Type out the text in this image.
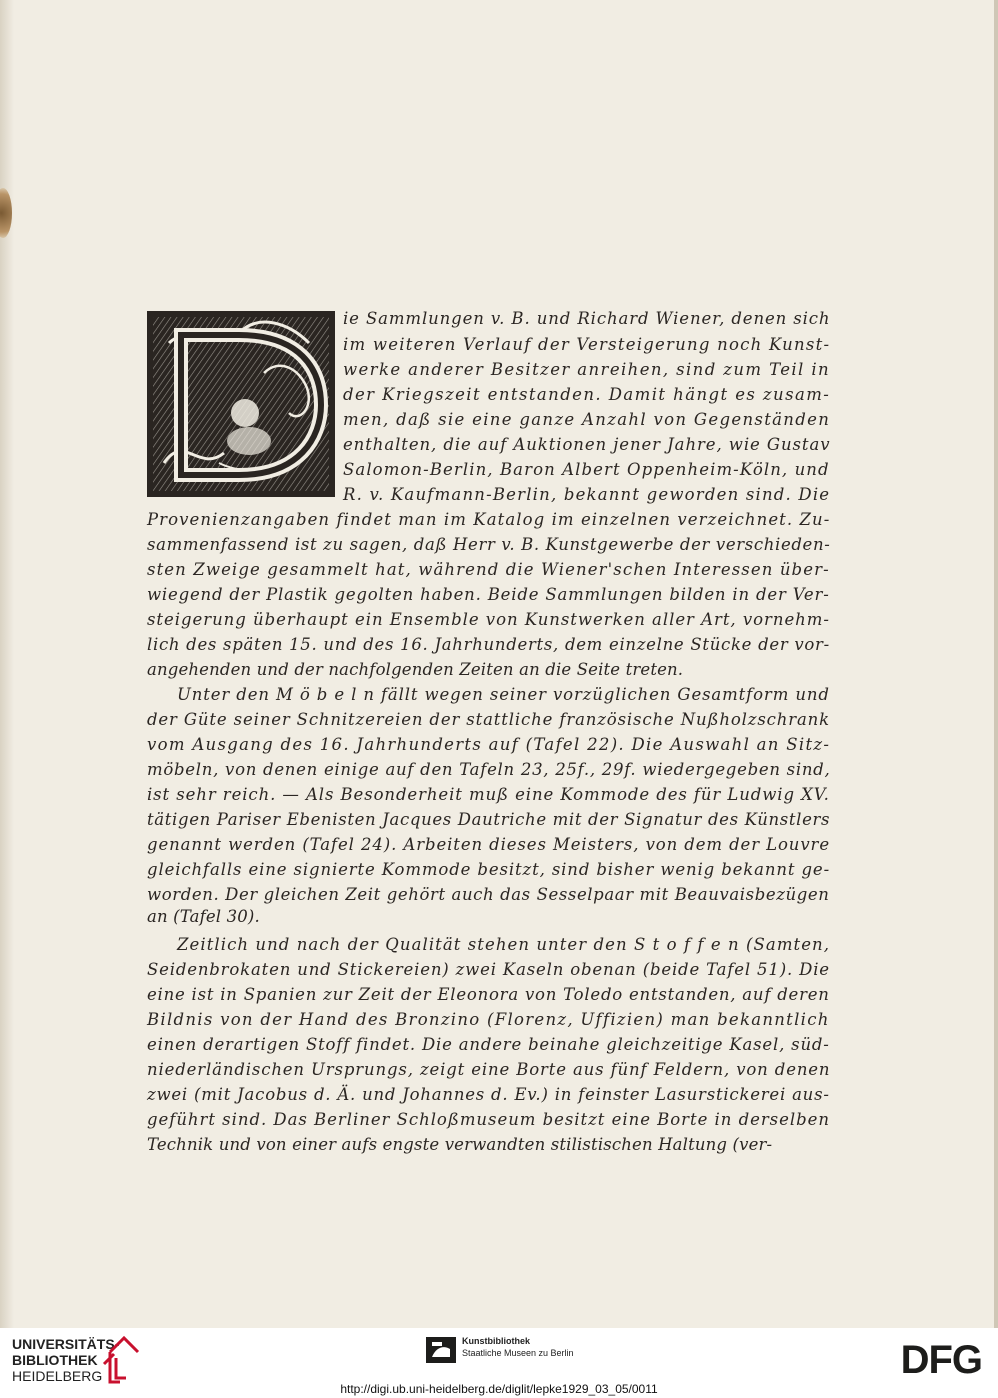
ie Sammlungen v. B. und Richard Wiener, denen sich

im weiteren Verlauf der Versteigerung noch Kunst-

werke anderer Besitzer anreihen, sind zum Teil in

der Kriegszeit entstanden. Damit hängt es zusam-

men, daß sie eine ganze Anzahl von Gegenständen

enthalten, die auf Auktionen jener Jahre, wie Gustav

Salomon-Berlin, Baron Albert Oppenheim-Köln, und

R. v. Kaufmann-Berlin, bekannt geworden sind. Die

Provenienzangaben findet man im Katalog im einzelnen verzeichnet. Zu-

sammenfassend ist zu sagen, daß Herr v. B. Kunstgewerbe der verschieden-

sten Zweige gesammelt hat, während die Wiener'schen Interessen über-

wiegend der Plastik gegolten haben. Beide Sammlungen bilden in der Ver-

steigerung überhaupt ein Ensemble von Kunstwerken aller Art, vornehm-

lich des späten 15. und des 16. Jahrhunderts, dem einzelne Stücke der vor-

angehenden und der nachfolgenden Zeiten an die Seite treten.

Unter den M ö b e l n fällt wegen seiner vorzüglichen Gesamtform und

der Güte seiner Schnitzereien der stattliche französische Nußholzschrank

vom Ausgang des 16. Jahrhunderts auf (Tafel 22). Die Auswahl an Sitz-

möbeln, von denen einige auf den Tafeln 23, 25f., 29f. wiedergegeben sind,

ist sehr reich. — Als Besonderheit muß eine Kommode des für Ludwig XV.

tätigen Pariser Ebenisten Jacques Dautriche mit der Signatur des Künstlers

genannt werden (Tafel 24). Arbeiten dieses Meisters, von dem der Louvre

gleichfalls eine signierte Kommode besitzt, sind bisher wenig bekannt ge-

worden. Der gleichen Zeit gehört auch das Sesselpaar mit Beauvaisbezügen

an (Tafel 30).

Zeitlich und nach der Qualität stehen unter den S t o f f e n (Samten,

Seidenbrokaten und Stickereien) zwei Kaseln obenan (beide Tafel 51). Die

eine ist in Spanien zur Zeit der Eleonora von Toledo entstanden, auf deren

Bildnis von der Hand des Bronzino (Florenz, Uffizien) man bekanntlich

einen derartigen Stoff findet. Die andere beinahe gleichzeitige Kasel, süd-

niederländischen Ursprungs, zeigt eine Borte aus fünf Feldern, von denen

zwei (mit Jacobus d. Ä. und Johannes d. Ev.) in feinster Lasurstickerei aus-

geführt sind. Das Berliner Schloßmuseum besitzt eine Borte in derselben

Technik und von einer aufs engste verwandten stilistischen Haltung (ver-

UNIVERSITÄTS-
BIBLIOTHEK
HEIDELBERG
Kunstbibliothek
Staatliche Museen zu Berlin	DFG
http://digi.ub.uni-heidelberg.de/diglit/lepke1929_03_05/0011
